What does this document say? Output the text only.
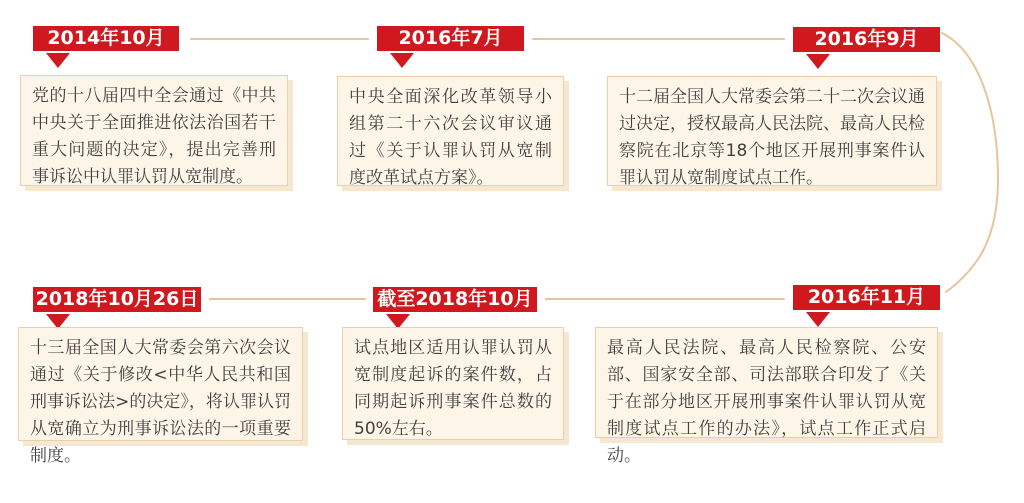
2014年10月

党的十八届四中全会通过《中共中央关于全面推进依法治国若干重大问题的决定》，提出完善刑事诉讼中认罪认罚从宽制度。

2016年7月

中央全面深化改革领导小组第二十六次会议审议通过《关于认罪认罚从宽制度改革试点方案》。

2016年9月

十二届全国人大常委会第二十二次会议通过决定，授权最高人民法院、最高人民检察院在北京等18个地区开展刑事案件认罪认罚从宽制度试点工作。

2018年10月26日

十三届全国人大常委会第六次会议通过《关于修改<中华人民共和国刑事诉讼法>的决定》，将认罪认罚从宽确立为刑事诉讼法的一项重要制度。

截至2018年10月

试点地区适用认罪认罚从宽制度起诉的案件数，占同期起诉刑事案件总数的50%左右。

2016年11月

最高人民法院、最高人民检察院、公安部、国家安全部、司法部联合印发了《关于在部分地区开展刑事案件认罪认罚从宽制度试点工作的办法》，试点工作正式启动。
